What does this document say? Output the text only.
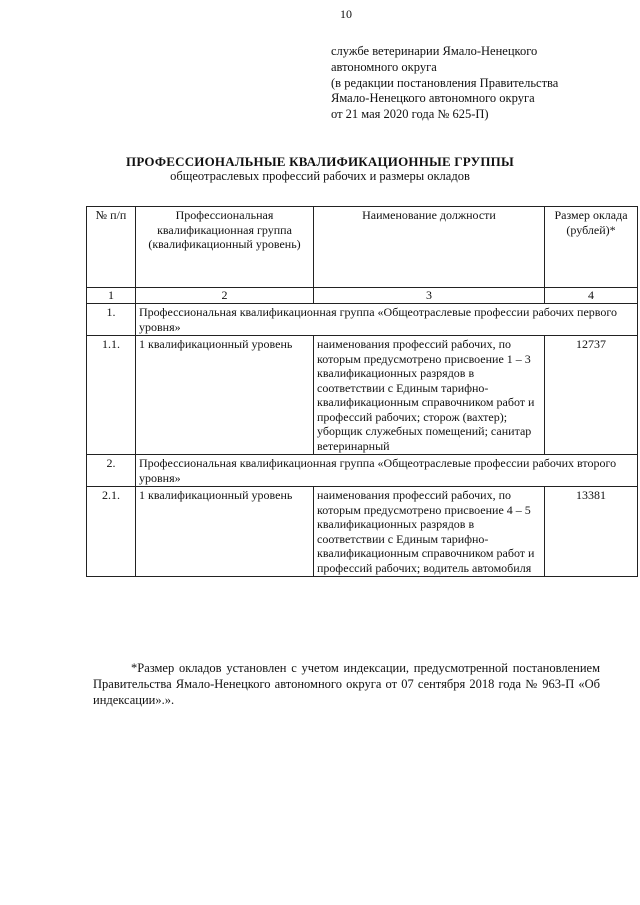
10
службе ветеринарии Ямало-Ненецкого
автономного округа
(в редакции постановления Правительства
Ямало-Ненецкого автономного округа
от 21 мая 2020 года № 625-П)
ПРОФЕССИОНАЛЬНЫЕ КВАЛИФИКАЦИОННЫЕ ГРУППЫ
общеотраслевых профессий рабочих и размеры окладов
№ п/п	Профессиональная квалификационная группа (квалификационный уровень)	Наименование должности	Размер оклада (рублей)*
1	2	3	4
1.	Профессиональная квалификационная группа «Общеотраслевые профессии рабочих первого уровня»		
1.1.	1 квалификационный уровень	наименования профессий рабочих, по которым предусмотрено присвоение 1 – 3 квалификационных разрядов в соответствии с Единым тарифно-квалификационным справочником работ и профессий рабочих; сторож (вахтер); уборщик служебных помещений; санитар ветеринарный	12737
2.	Профессиональная квалификационная группа «Общеотраслевые профессии рабочих второго уровня»		
2.1.	1 квалификационный уровень	наименования профессий рабочих, по которым предусмотрено присвоение 4 – 5 квалификационных разрядов в соответствии с Единым тарифно-квалификационным справочником работ и профессий рабочих; водитель автомобиля	13381

*Размер окладов установлен с учетом индексации, предусмотренной постановлением Правительства Ямало-Ненецкого автономного округа от 07 сентября 2018 года № 963-П «Об индексации».».
